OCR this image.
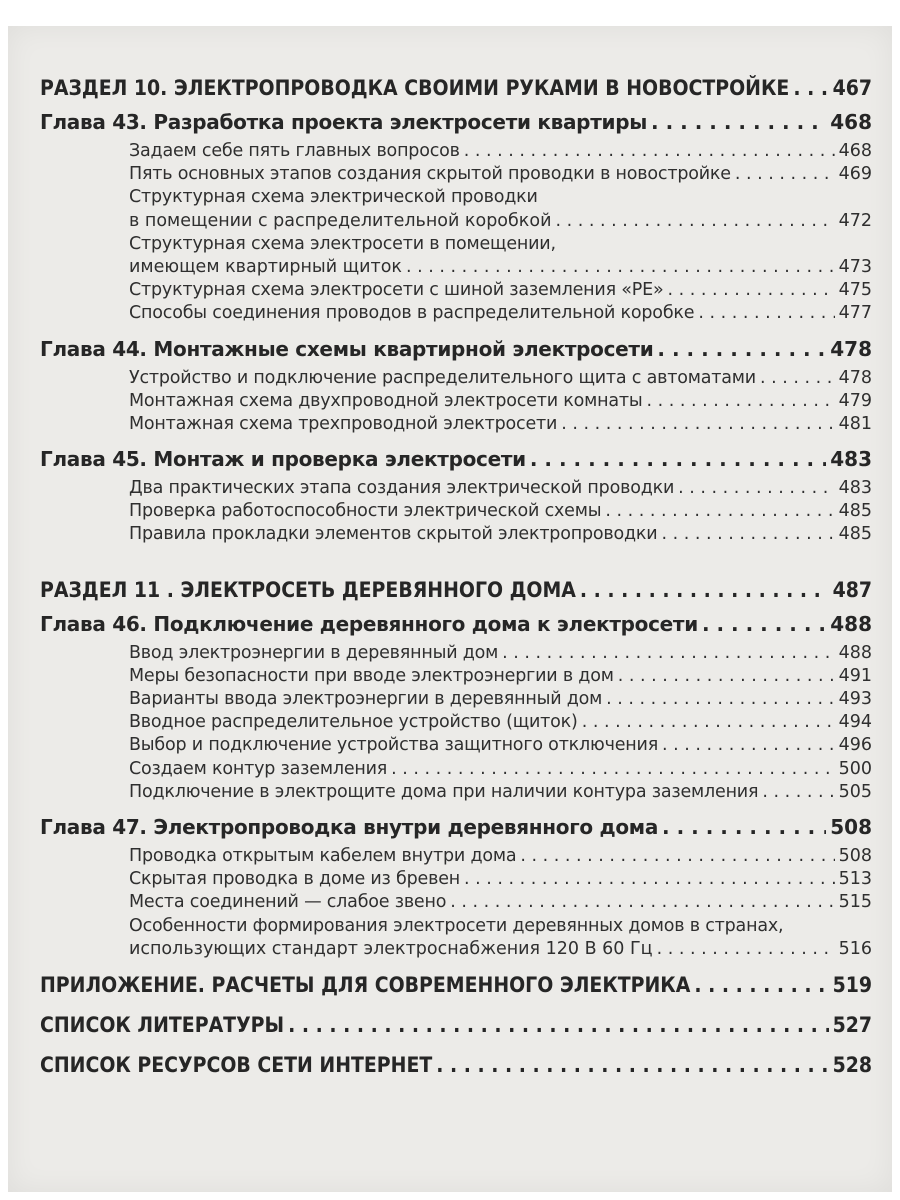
РАЗДЕЛ 10. ЭЛЕКТРОПРОВОДКА СВОИМИ РУКАМИ В НОВОСТРОЙКЕ . . . 467
Глава 43. Разработка проекта электросети квартиры . . .	468
Задаем себе пять главных вопросов . . .	468
Пять основных этапов создания скрытой проводки в новостройке . . .	469
Структурная схема электрической проводки
в помещении с распределительной коробкой . . .	472
Структурная схема электросети в помещении,
имеющем квартирный щиток . . .	473
Структурная схема электросети с шиной заземления «PE» . . .	475
Способы соединения проводов в распределительной коробке . . .	477
Глава 44. Монтажные схемы квартирной электросети . . .	478
Устройство и подключение распределительного щита с автоматами . . .	478
Монтажная схема двухпроводной электросети комнаты . . .	479
Монтажная схема трехпроводной электросети . . .	481
Глава 45. Монтаж и проверка электросети . . .	483
Два практических этапа создания электрической проводки . . .	483
Проверка работоспособности электрической схемы . . .	485
Правила прокладки элементов скрытой электропроводки . . .	485
РАЗДЕЛ 11 . ЭЛЕКТРОСЕТЬ ДЕРЕВЯННОГО ДОМА . . .	487
Глава 46. Подключение деревянного дома к электросети . . .	488
Ввод электроэнергии в деревянный дом . . .	488
Меры безопасности при вводе электроэнергии в дом . . .	491
Варианты ввода электроэнергии в деревянный дом . . .	493
Вводное распределительное устройство (щиток) . . .	494
Выбор и подключение устройства защитного отключения . . .	496
Создаем контур заземления . . .	500
Подключение в электрощите дома при наличии контура заземления . . .	505
Глава 47. Электропроводка внутри деревянного дома . . .	508
Проводка открытым кабелем внутри дома . . .	508
Скрытая проводка в доме из бревен . . .	513
Места соединений — слабое звено . . .	515
Особенности формирования электросети деревянных домов в странах,
использующих стандарт электроснабжения 120 В 60 Гц . . .	516
ПРИЛОЖЕНИЕ. РАСЧЕТЫ ДЛЯ СОВРЕМЕННОГО ЭЛЕКТРИКА . . .	519
СПИСОК ЛИТЕРАТУРЫ . . .	527
СПИСОК РЕСУРСОВ СЕТИ ИНТЕРНЕТ . . .	528
